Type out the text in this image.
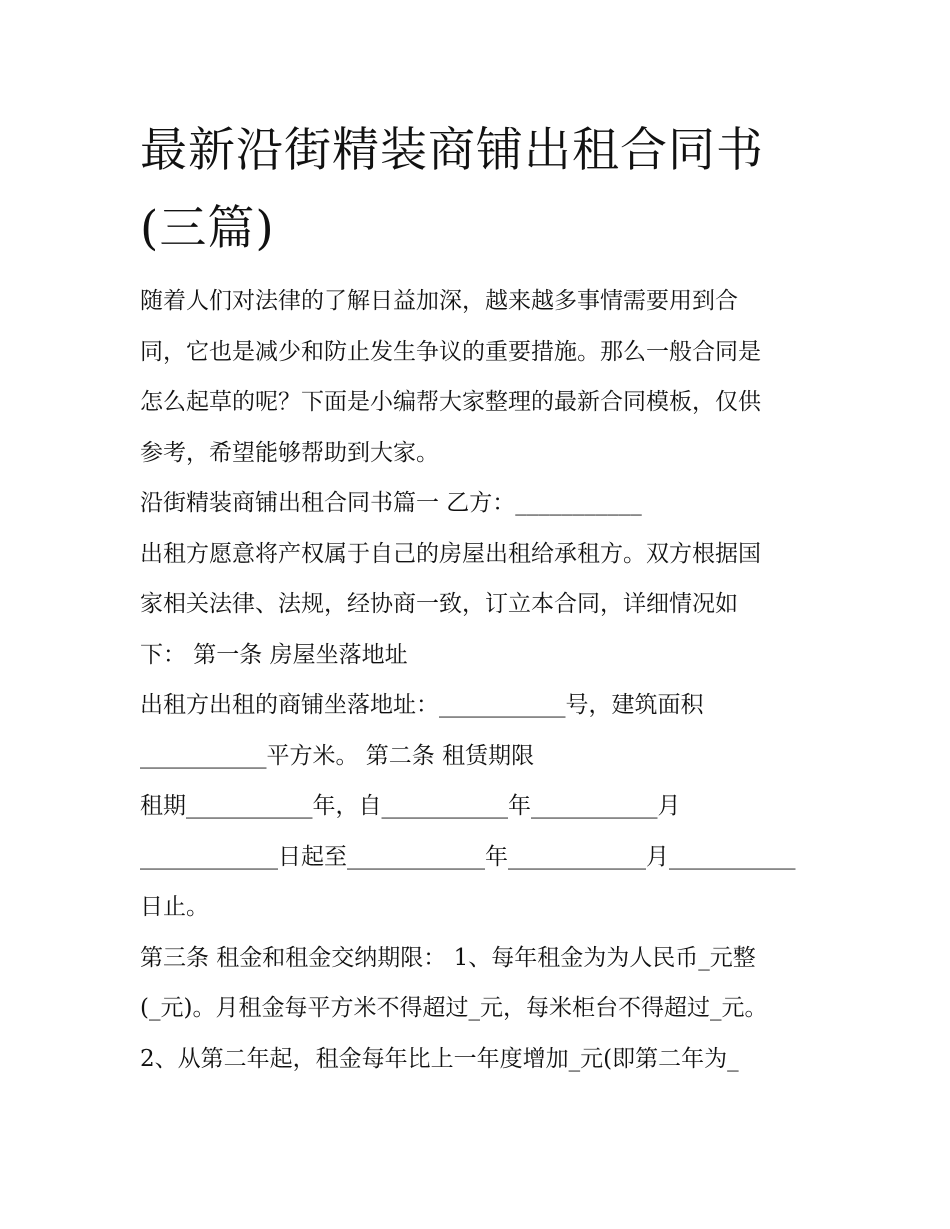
最新沿街精装商铺出租合同书
(三篇)
随着人们对法律的了解日益加深，越来越多事情需要用到合
同，它也是减少和防止发生争议的重要措施。那么一般合同是
怎么起草的呢？下面是小编帮大家整理的最新合同模板，仅供
参考，希望能够帮助到大家。
沿街精装商铺出租合同书篇一 乙方：___________
出租方愿意将产权属于自己的房屋出租给承租方。双方根据国
家相关法律、法规，经协商一致，订立本合同，详细情况如
下： 第一条 房屋坐落地址
出租方出租的商铺坐落地址：___________号，建筑面积
___________平方米。 第二条 租赁期限
租期___________年，自___________年___________月
____________日起至____________年____________月___________
日止。
第三条 租金和租金交纳期限： 1、每年租金为为人民币_元整
(_元)。月租金每平方米不得超过_元，每米柜台不得超过_元。
2、从第二年起，租金每年比上一年度增加_元(即第二年为_
